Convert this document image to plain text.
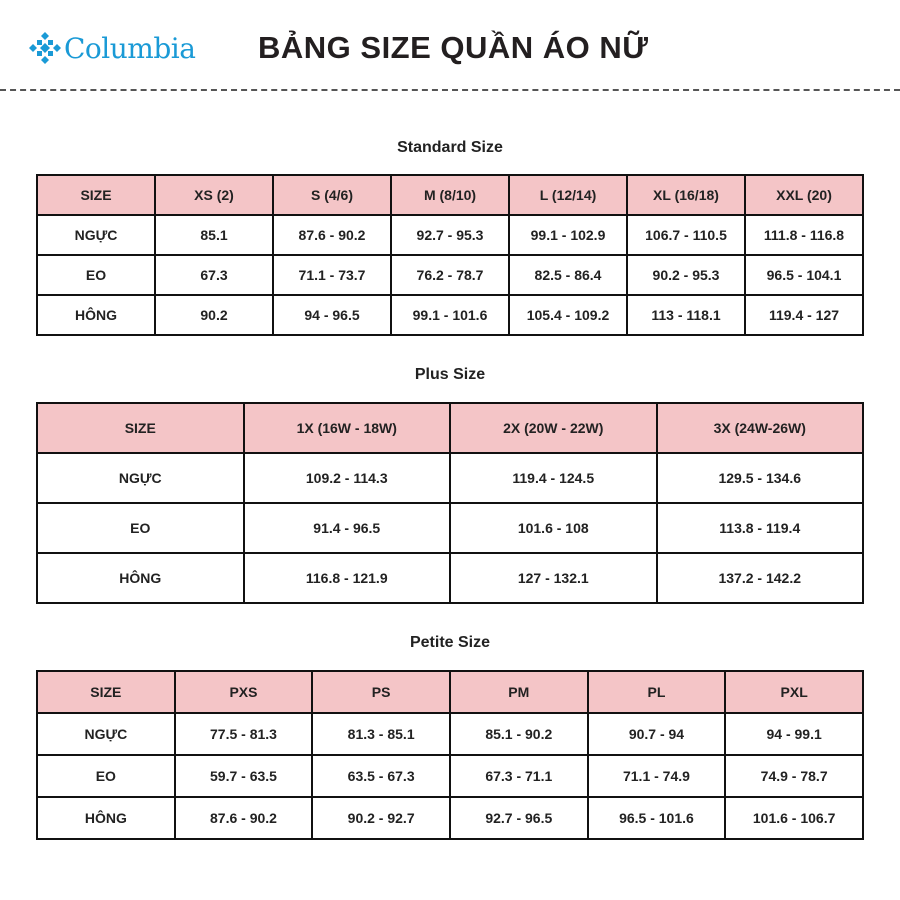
Columbia BẢNG SIZE QUẦN ÁO NỮ
Standard Size
SIZE	XS (2)	S (4/6)	M (8/10)	L (12/14)	XL (16/18)	XXL (20)
NGỰC	85.1	87.6 - 90.2	92.7 - 95.3	99.1 - 102.9	106.7 - 110.5	111.8 - 116.8
EO	67.3	71.1 - 73.7	76.2 - 78.7	82.5 - 86.4	90.2 - 95.3	96.5 - 104.1
HÔNG	90.2	94 - 96.5	99.1 - 101.6	105.4 - 109.2	113 - 118.1	119.4 - 127
Plus Size
SIZE	1X (16W - 18W)	2X (20W - 22W)	3X (24W-26W)
NGỰC	109.2 - 114.3	119.4 - 124.5	129.5 - 134.6
EO	91.4 - 96.5	101.6 - 108	113.8 - 119.4
HÔNG	116.8 - 121.9	127 - 132.1	137.2 - 142.2
Petite Size
SIZE	PXS	PS	PM	PL	PXL
NGỰC	77.5 - 81.3	81.3 - 85.1	85.1 - 90.2	90.7 - 94	94 - 99.1
EO	59.7 - 63.5	63.5 - 67.3	67.3 - 71.1	71.1 - 74.9	74.9 - 78.7
HÔNG	87.6 - 90.2	90.2 - 92.7	92.7 - 96.5	96.5 - 101.6	101.6 - 106.7
